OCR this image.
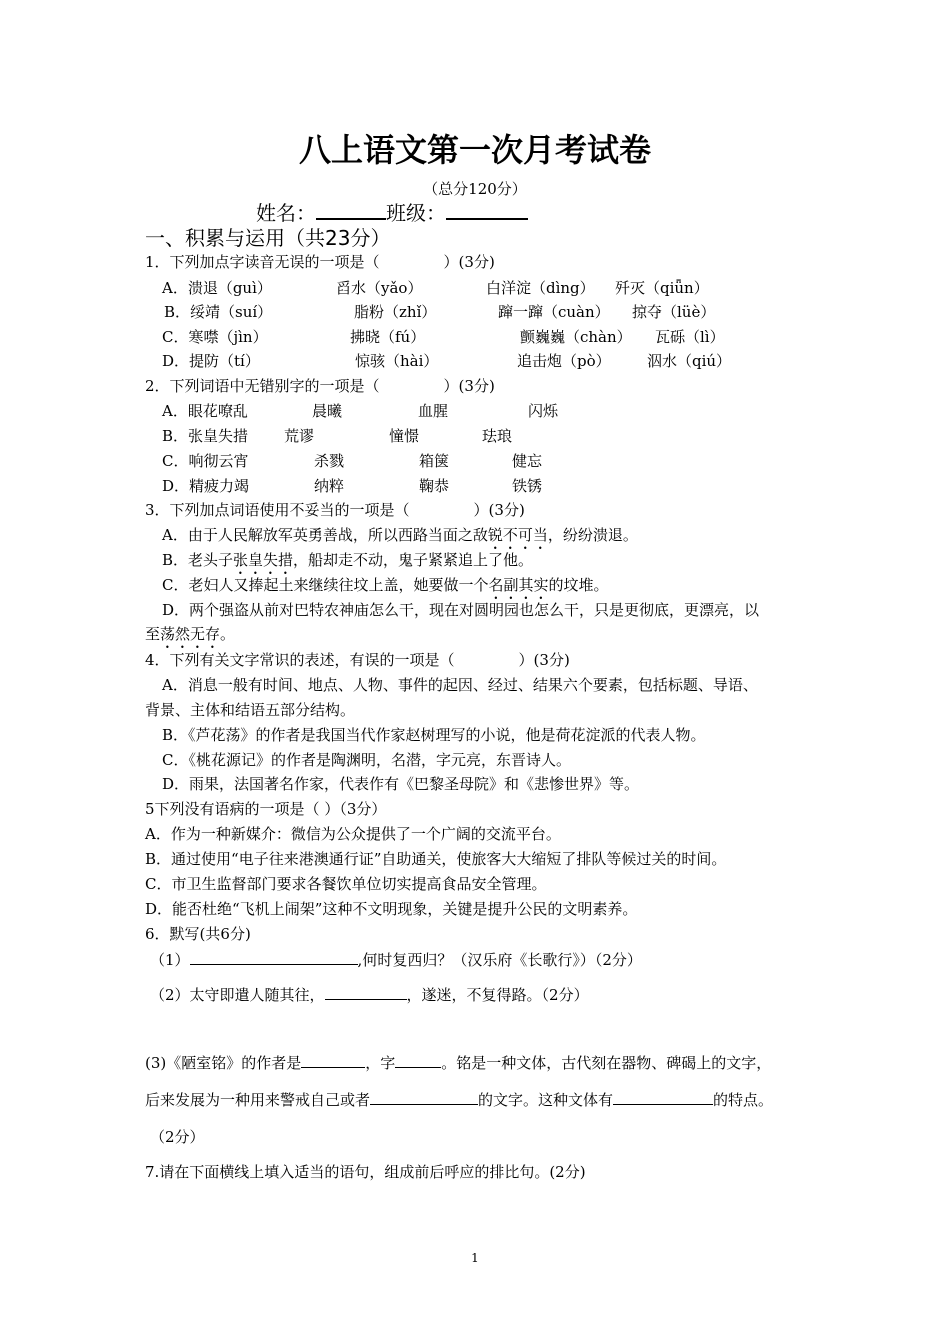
八上语文第一次月考试卷
（总分120分）
姓名：	班级：
一、积累与运用（共23分）
1．下列加点字读音无误的一项是（	）(3分)
A．溃退（guì）	舀水（yǎo）	白洋淀（dìng） 歼灭（qiǖn）
B．绥靖（suí）	脂粉（zhǐ）	蹿一蹿（cuàn） 掠夺（lüè）
C．寒噤（jìn）	拂晓（fú）	颤巍巍（chàn） 瓦砾（lì）
D．提防（tí）	惊骇（hài）	追击炮（pò） 泅水（qiú）
2．下列词语中无错别字的一项是（	）(3分)
A．眼花嘹乱	晨曦	血腥	闪烁
B．张皇失措 荒谬	憧憬	珐琅
C．响彻云宵	杀戮	箱箧	健忘
D．精疲力竭	纳粹	鞠恭	铁锈
3．下列加点词语使用不妥当的一项是（	）(3分)
A．由于人民解放军英勇善战，所以西路当面之敌锐不可当，纷纷溃退。
B．老头子张皇失措，船却走不动，鬼子紧紧追上了他。
C．老妇人又捧起土来继续往坟上盖，她要做一个名副其实的坟堆。
D．两个强盗从前对巴特农神庙怎么干，现在对圆明园也怎么干，只是更彻底，更漂亮，以
至荡然无存。
4．下列有关文字常识的表述，有误的一项是（	）(3分)
A．消息一般有时间、地点、人物、事件的起因、经过、结果六个要素，包括标题、导语、
背景、主体和结语五部分结构。
B．《芦花荡》的作者是我国当代作家赵树理写的小说，他是荷花淀派的代表人物。
C．《桃花源记》的作者是陶渊明，名潜，字元亮，东晋诗人。
D．雨果，法国著名作家，代表作有《巴黎圣母院》和《悲惨世界》等。
5下列没有语病的一项是（ ）（3分）
A．作为一种新媒介：微信为公众提供了一个广阔的交流平台。
B．通过使用“电子往来港澳通行证”自助通关，使旅客大大缩短了排队等候过关的时间。
C．市卫生监督部门要求各餐饮单位切实提高食品安全管理。
D．能否杜绝“飞机上闹架”这种不文明现象，关键是提升公民的文明素养。
6．默写(共6分)
（1）	,何时复西归？（汉乐府《长歌行》）（2分）
（2）太守即遣人随其往，	，遂迷，不复得路。（2分）
(3)《陋室铭》的作者是	，字	。铭是一种文体，古代刻在器物、碑碣上的文字，
后来发展为一种用来警戒自己或者	的文字。这种文体有	的特点。
（2分）
7.请在下面横线上填入适当的语句，组成前后呼应的排比句。(2分)
1
